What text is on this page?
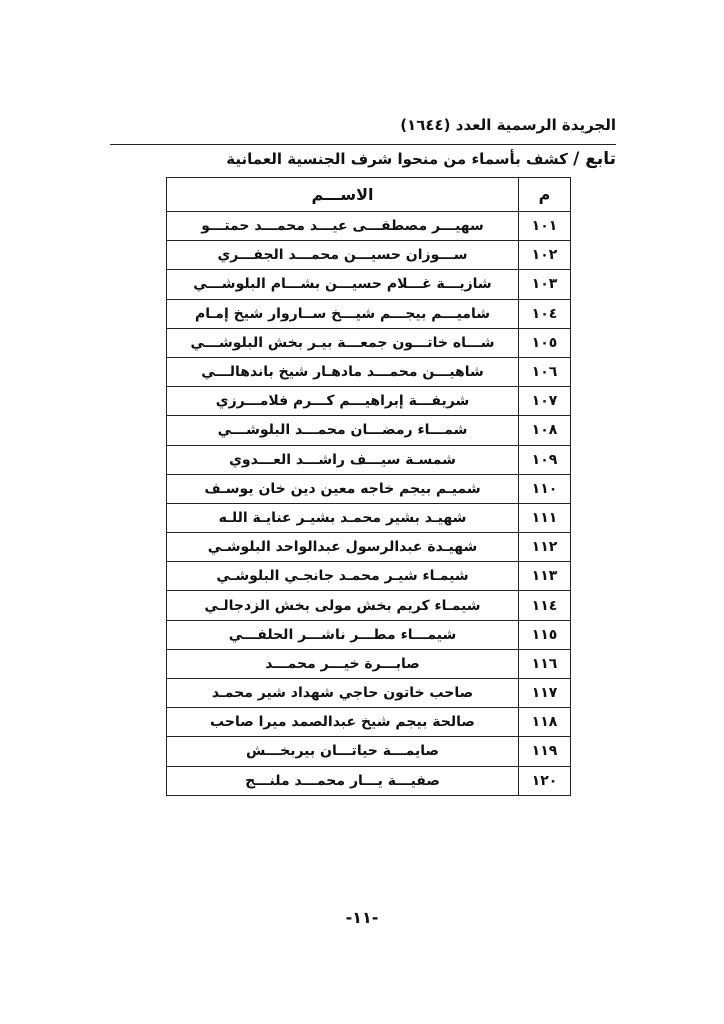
الجريدة الرسمية العدد (١٦٤٤)
تابع / كشف بأسماء من منحوا شرف الجنسية العمانية
م	الاســـم
١٠١	سهيـــر مصطفـــى عيـــد محمـــد حمتـــو
١٠٢	ســـوزان حسيـــن محمـــد الجفـــري
١٠٣	شازيـــة غـــلام حسيـــن بشـــام البلوشـــي
١٠٤	شاميـــم بيجـــم شيـــخ ســاروار شيخ إمـام
١٠٥	شـــاه خاتـــون جمعـــة بيـر بخش البلوشـــي
١٠٦	شاهيـــن محمـــد مادهـار شيخ باندهالـــي
١٠٧	شريفـــة إبراهيـــم كـــرم فلامـــرزي
١٠٨	شمـــاء رمضـــان محمـــد البلوشـــي
١٠٩	شمسـة سيـــف راشـــد العـــدوي
١١٠	شميـم بيجم خاجه معين دين خان يوسـف
١١١	شهيـد بشير محمـد بشيـر عنايـة اللـه
١١٢	شهيـدة عبدالرسول عبدالواحد البلوشـي
١١٣	شيمـاء شيـر محمـد جانجـي البلوشـي
١١٤	شيمـاء كريم بخش مولى بخش الزدجالـي
١١٥	شيمـــاء مطـــر ناشـــر الحلفـــي
١١٦	صابـــرة خيـــر محمـــد
١١٧	صاحب خاتون حاجي شهداد شير محمـد
١١٨	صالحة بيجم شيخ عبدالصمد ميرا صاحب
١١٩	صايمـــة حياتـــان بيربخـــش
١٢٠	صفيـــة يـــار محمـــد ملنـــج
-١١-
